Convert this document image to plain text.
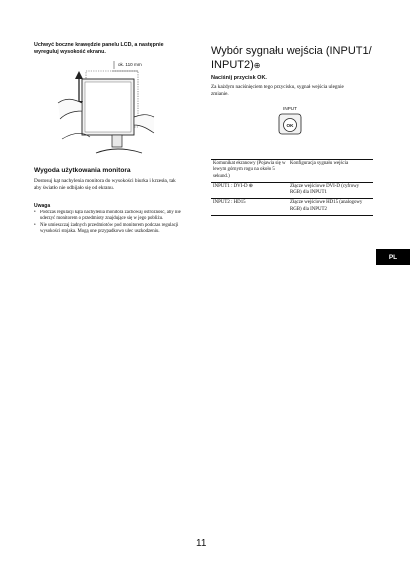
Uchwyć boczne krawędzie panelu LCD, a następnie wyreguluj wysokość ekranu.
ok. 110 mm
Wygoda użytkowania monitora
Dostosuj kąt nachylenia monitora do wysokości biurka i krzesła, tak aby światło nie odbijało się od ekranu.
Uwaga
• Podczas regulacji kąta nachylenia monitora zachowaj ostrożność, aby nie uderzyć monitorem o przedmioty znajdujące się w jego pobliżu.
• Nie umieszczaj żadnych przedmiotów pod monitorem podczas regulacji wysokości stojaka. Mogą one przypadkowo ulec uszkodzeniu.
Wybór sygnału wejścia (INPUT1/ INPUT2)⊕
Naciśnij przycisk OK.
Za każdym naciśnięciem tego przycisku, sygnał wejścia ulegnie zmianie.
INPUT
OK
Komunikat ekranowy (Pojawia się w lewym górnym rogu na około 5 sekund.)	Konfiguracja sygnału wejścia
INPUT1 : DVI-D ⊕	Złącze wejściowe DVI-D (cyfrowy RGB) dla INPUT1
INPUT2 : HD15	Złącze wejściowe HD15 (analogowy RGB) dla INPUT2
PL
11
